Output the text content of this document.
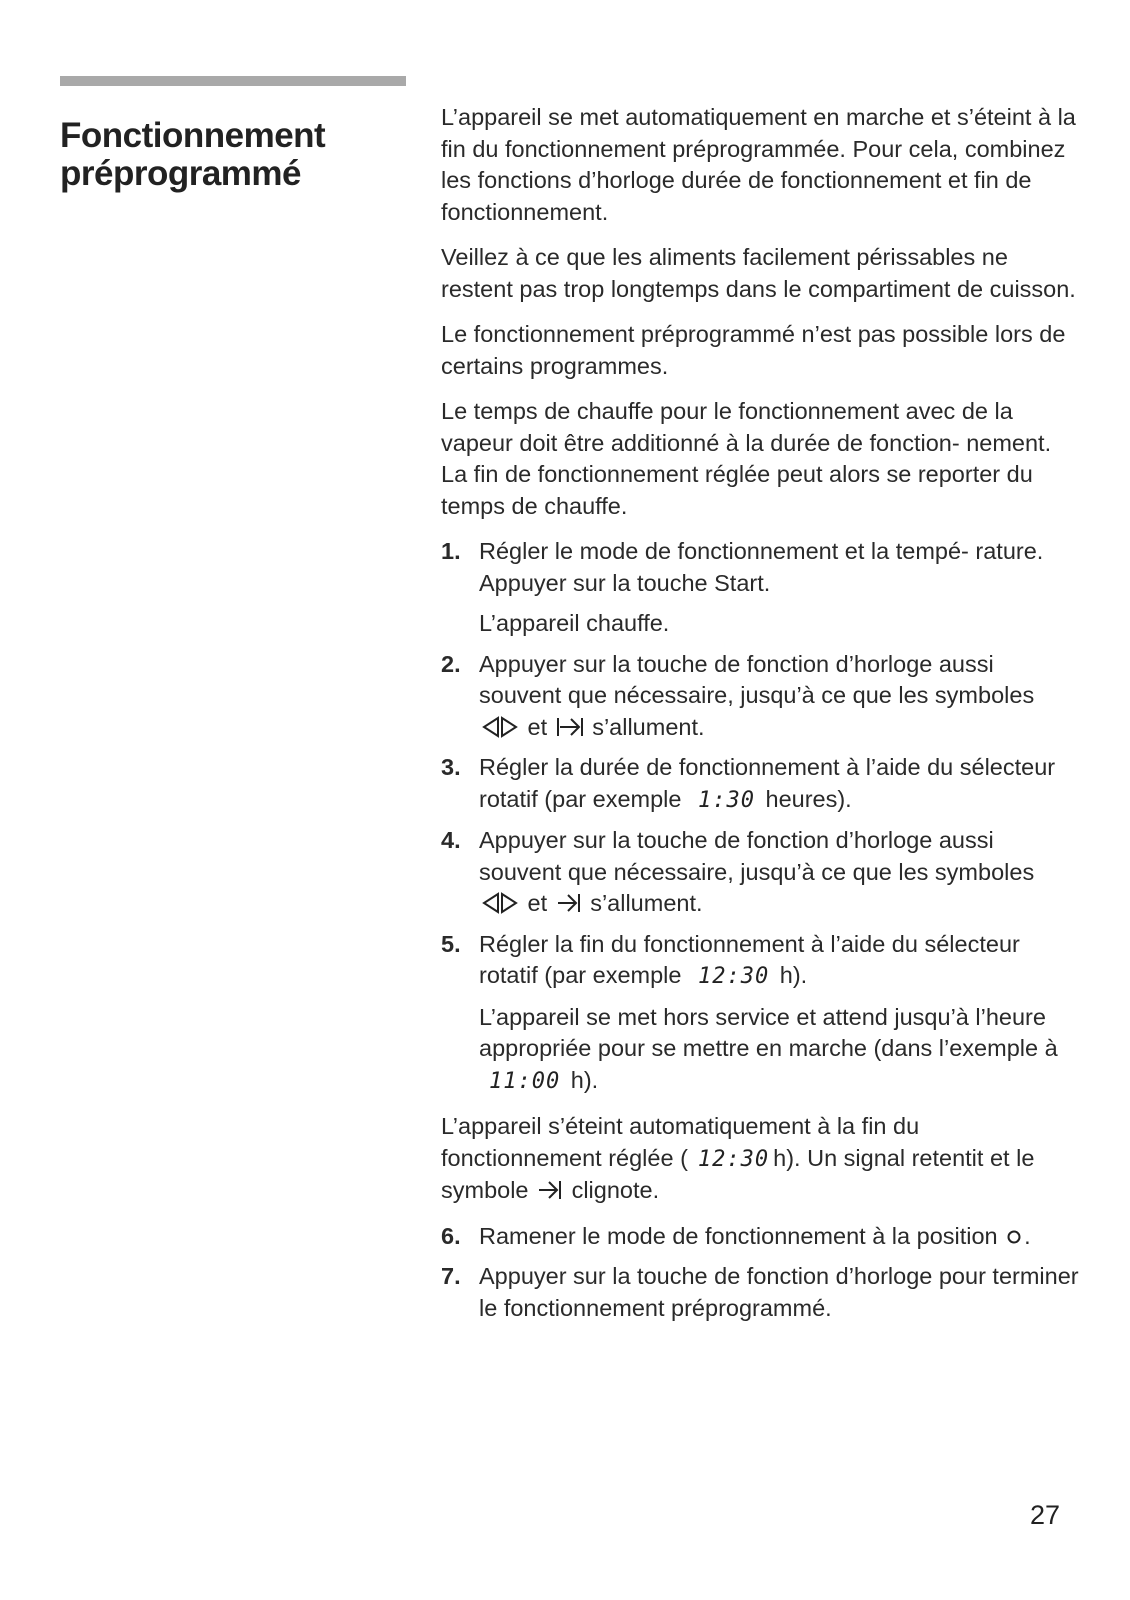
Fonctionnement
préprogrammé

L’appareil se met automatiquement en marche et s’éteint à la fin du fonctionnement préprogrammée. Pour cela, combinez les fonctions d’horloge durée de fonctionnement et fin de fonctionnement.

Veillez à ce que les aliments facilement périssables ne restent pas trop longtemps dans le compartiment de cuisson.

Le fonctionnement préprogrammé n’est pas possible lors de certains programmes.

Le temps de chauffe pour le fonctionnement avec de la vapeur doit être additionné à la durée de fonction- nement. La fin de fonctionnement réglée peut alors se reporter du temps de chauffe.

1. Régler le mode de fonctionnement et la tempé- rature. Appuyer sur la touche Start.
L’appareil chauffe.
2. Appuyer sur la touche de fonction d’horloge aussi souvent que nécessaire, jusqu’à ce que les symboles
et s’allument.
3. Régler la durée de fonctionnement à l’aide du sélecteur rotatif (par exemple 1:30 heures).
4. Appuyer sur la touche de fonction d’horloge aussi souvent que nécessaire, jusqu’à ce que les symboles
et s’allument.
5. Régler la fin du fonctionnement à l’aide du sélecteur rotatif (par exemple 12:30 h).
L’appareil se met hors service et attend jusqu’à l’heure appropriée pour se mettre en marche (dans l’exemple à 11:00 h).

L’appareil s’éteint automatiquement à la fin du fonctionnement réglée ( 12:30 h). Un signal retentit et le symbole clignote.

6. Ramener le mode de fonctionnement à la position .
7. Appuyer sur la touche de fonction d’horloge pour terminer le fonctionnement préprogrammé.
27
